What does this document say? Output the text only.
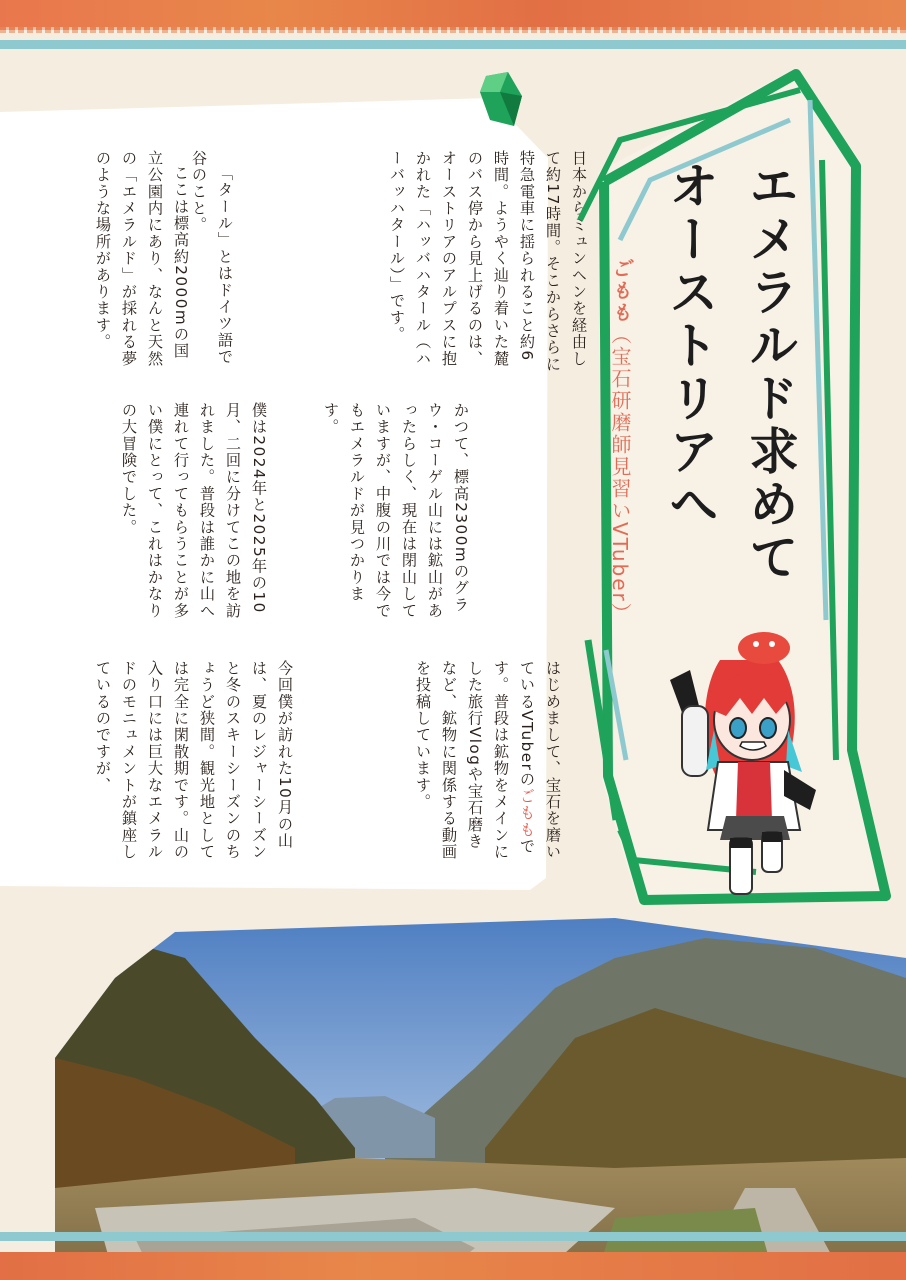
はじめまして、宝石を磨いているVTuberのごももです。普段は鉱物をメインにした旅行Vlogや宝石磨きなど、鉱物に関係する動画を投稿しています。

今回僕が訪れた10月の山は、夏のレジャーシーズンと冬のスキーシーズンのちょうど狭間。観光地としては完全に閑散期です。山の入り口には巨大なエメラルドのモニュメントが鎮座しているのですが、

かつて、標高2300mのグラウ・コーゲル山には鉱山があったらしく、現在は閉山していますが、中腹の川では今でもエメラルドが見つかります。

僕は2024年と2025年の10月、二回に分けてこの地を訪れました。普段は誰かに山へ連れて行ってもらうことが多い僕にとって、これはかなりの大冒険でした。

日本からミュンヘンを経由して約17時間。そこからさらに特急電車に揺られること約6時間。ようやく辿り着いた麓のバス停から見上げるのは、オーストリアのアルプスに抱かれた「ハッバハタール（ハーバッハタール）」です。

「タール」とはドイツ語で谷のこと。

ここは標高約2000mの国立公園内にあり、なんと天然の「エメラルド」が採れる夢のような場所があります。	エメラルド求めてオーストリアへ

ごもも（宝石研磨師見習いVTuber）
